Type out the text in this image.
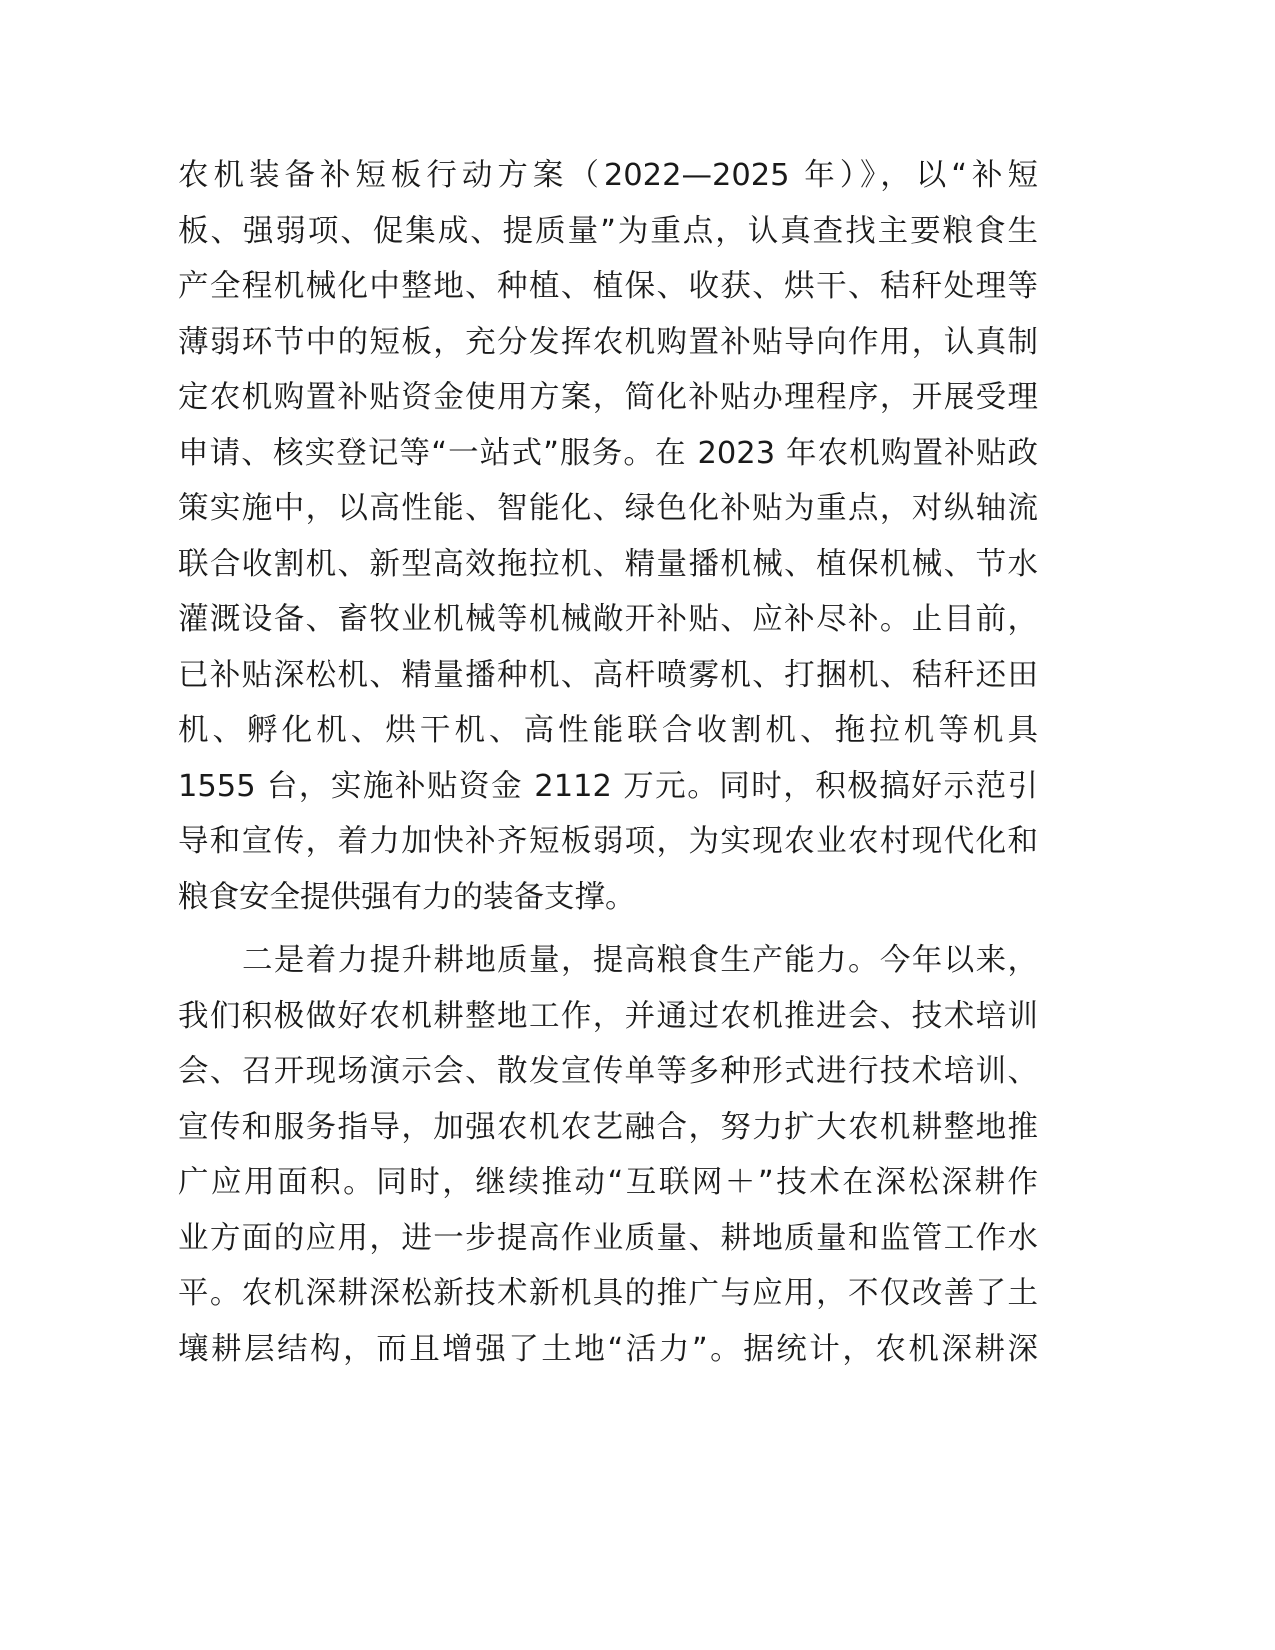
农机装备补短板行动方案（2022—2025 年）》，以“补短
板、强弱项、促集成、提质量”为重点，认真查找主要粮食生
产全程机械化中整地、种植、植保、收获、烘干、秸秆处理等
薄弱环节中的短板，充分发挥农机购置补贴导向作用，认真制
定农机购置补贴资金使用方案，简化补贴办理程序，开展受理
申请、核实登记等“一站式”服务。在 2023 年农机购置补贴政
策实施中，以高性能、智能化、绿色化补贴为重点，对纵轴流
联合收割机、新型高效拖拉机、精量播机械、植保机械、节水
灌溉设备、畜牧业机械等机械敞开补贴、应补尽补。止目前，
已补贴深松机、精量播种机、高杆喷雾机、打捆机、秸秆还田
机、孵化机、烘干机、高性能联合收割机、拖拉机等机具
1555 台，实施补贴资金 2112 万元。同时，积极搞好示范引
导和宣传，着力加快补齐短板弱项，为实现农业农村现代化和
粮食安全提供强有力的装备支撑。
二是着力提升耕地质量，提高粮食生产能力。今年以来，
我们积极做好农机耕整地工作，并通过农机推进会、技术培训
会、召开现场演示会、散发宣传单等多种形式进行技术培训、
宣传和服务指导，加强农机农艺融合，努力扩大农机耕整地推
广应用面积。同时，继续推动“互联网＋”技术在深松深耕作
业方面的应用，进一步提高作业质量、耕地质量和监管工作水
平。农机深耕深松新技术新机具的推广与应用，不仅改善了土
壤耕层结构，而且增强了土地“活力”。据统计，农机深耕深
